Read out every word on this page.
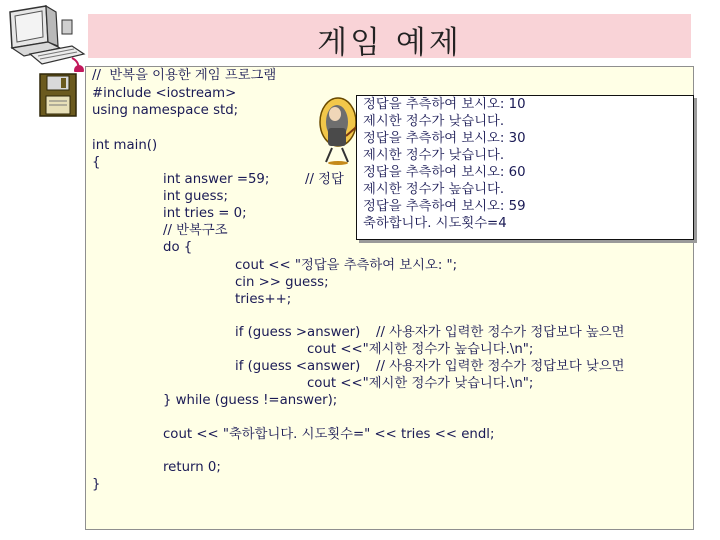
게임 예제
//  반복을 이용한 게임 프로그램
#include <iostream>
using namespace std;
int main()
{
int answer =59;	// 정답
int guess;
int tries = 0;
// 반복구조
do {
cout << "정답을 추측하여 보시오: ";
cin >> guess;
tries++;
if (guess >answer) // 사용자가 입력한 정수가 정답보다 높으면
cout <<"제시한 정수가 높습니다.\n";
if (guess <answer) // 사용자가 입력한 정수가 정답보다 낮으면
cout <<"제시한 정수가 낮습니다.\n";
} while (guess !=answer);
cout << "축하합니다. 시도횟수=" << tries << endl;
return 0;
}
정답을 추측하여 보시오: 10
제시한 정수가 낮습니다.
정답을 추측하여 보시오: 30
제시한 정수가 낮습니다.
정답을 추측하여 보시오: 60
제시한 정수가 높습니다.
정답을 추측하여 보시오: 59
축하합니다. 시도횟수=4
